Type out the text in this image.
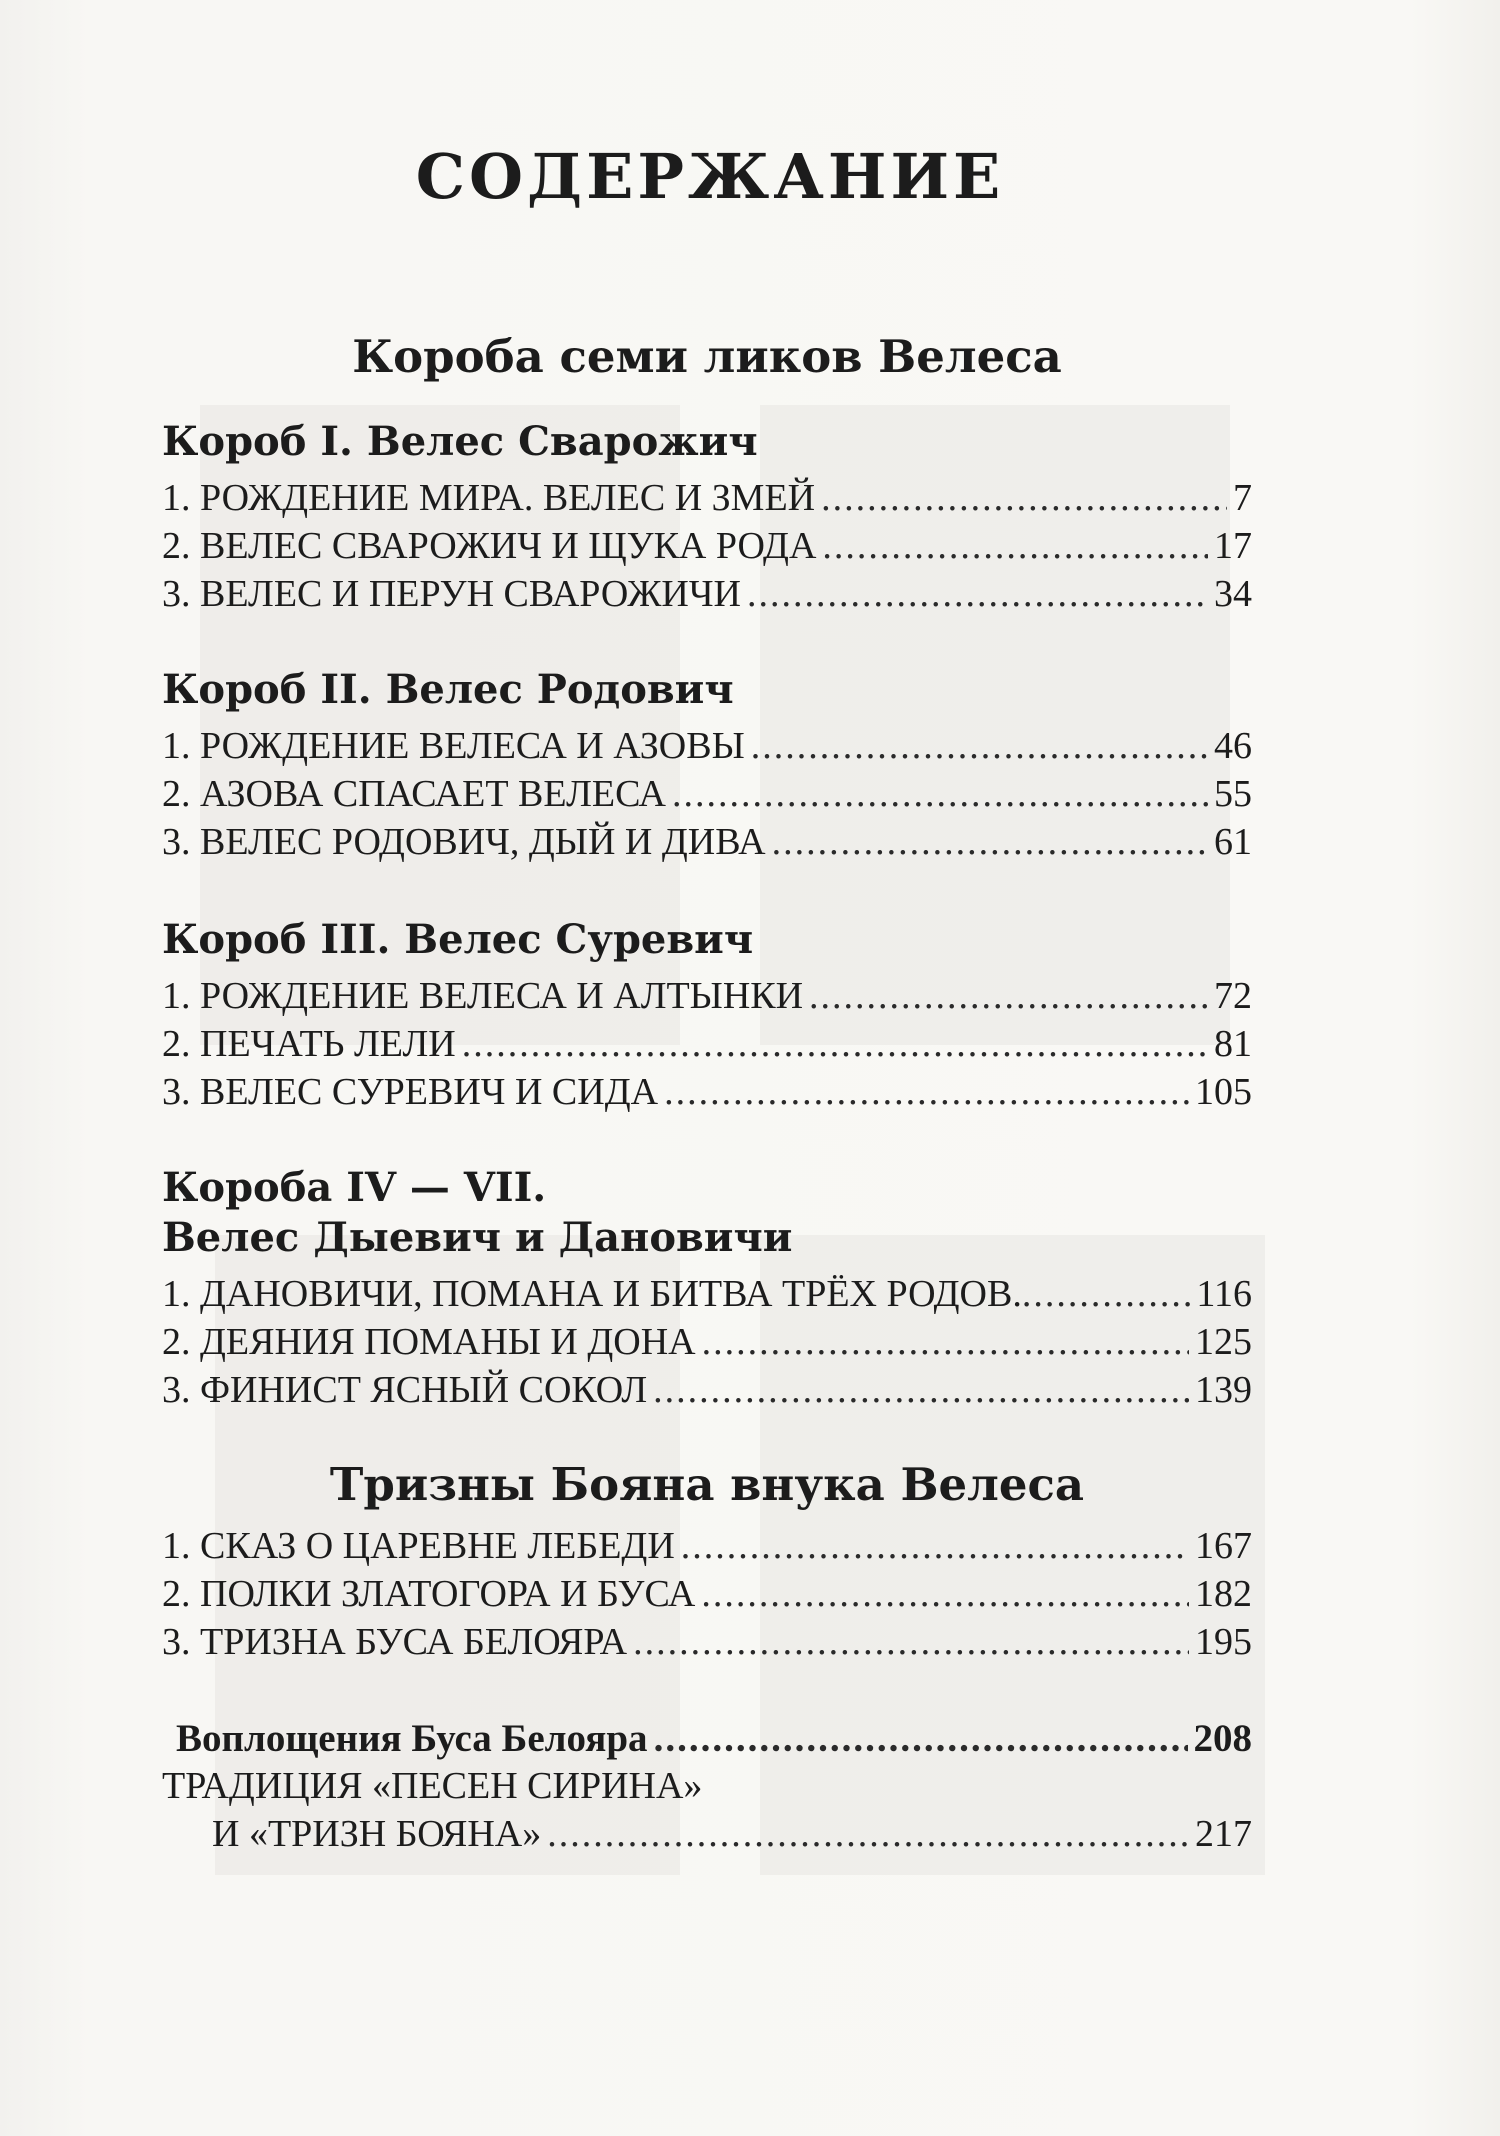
СОДЕРЖАНИЕ
Короба семи ликов Велеса
Короб I. Велес Сварожич
1. РОЖДЕНИЕ МИРА. ВЕЛЕС И ЗМЕЙ .....	7
2. ВЕЛЕС СВАРОЖИЧ И ЩУКА РОДА .....	17
3. ВЕЛЕС И ПЕРУН СВАРОЖИЧИ .....	34
Короб II. Велес Родович
1. РОЖДЕНИЕ ВЕЛЕСА И АЗОВЫ .....	46
2. АЗОВА СПАСАЕТ ВЕЛЕСА .....	55
3. ВЕЛЕС РОДОВИЧ, ДЫЙ И ДИВА .....	61
Короб III. Велес Суревич
1. РОЖДЕНИЕ ВЕЛЕСА И АЛТЫНКИ .....	72
2. ПЕЧАТЬ ЛЕЛИ .....	81
3. ВЕЛЕС СУРЕВИЧ И СИДА .....	105
Короба IV — VII.
Велес Дыевич и Дановичи
1. ДАНОВИЧИ, ПОМАНА И БИТВА ТРЁХ РОДОВ. .....	116
2. ДЕЯНИЯ ПОМАНЫ И ДОНА .....	125
3. ФИНИСТ ЯСНЫЙ СОКОЛ .....	139
Тризны Бояна внука Велеса
1. СКАЗ О ЦАРЕВНЕ ЛЕБЕДИ .....	167
2. ПОЛКИ ЗЛАТОГОРА И БУСА .....	182
3. ТРИЗНА БУСА БЕЛОЯРА .....	195
Воплощения Буса Белояра .....	208
ТРАДИЦИЯ «ПЕСЕН СИРИНА»
И «ТРИЗН БОЯНА» .....	217
